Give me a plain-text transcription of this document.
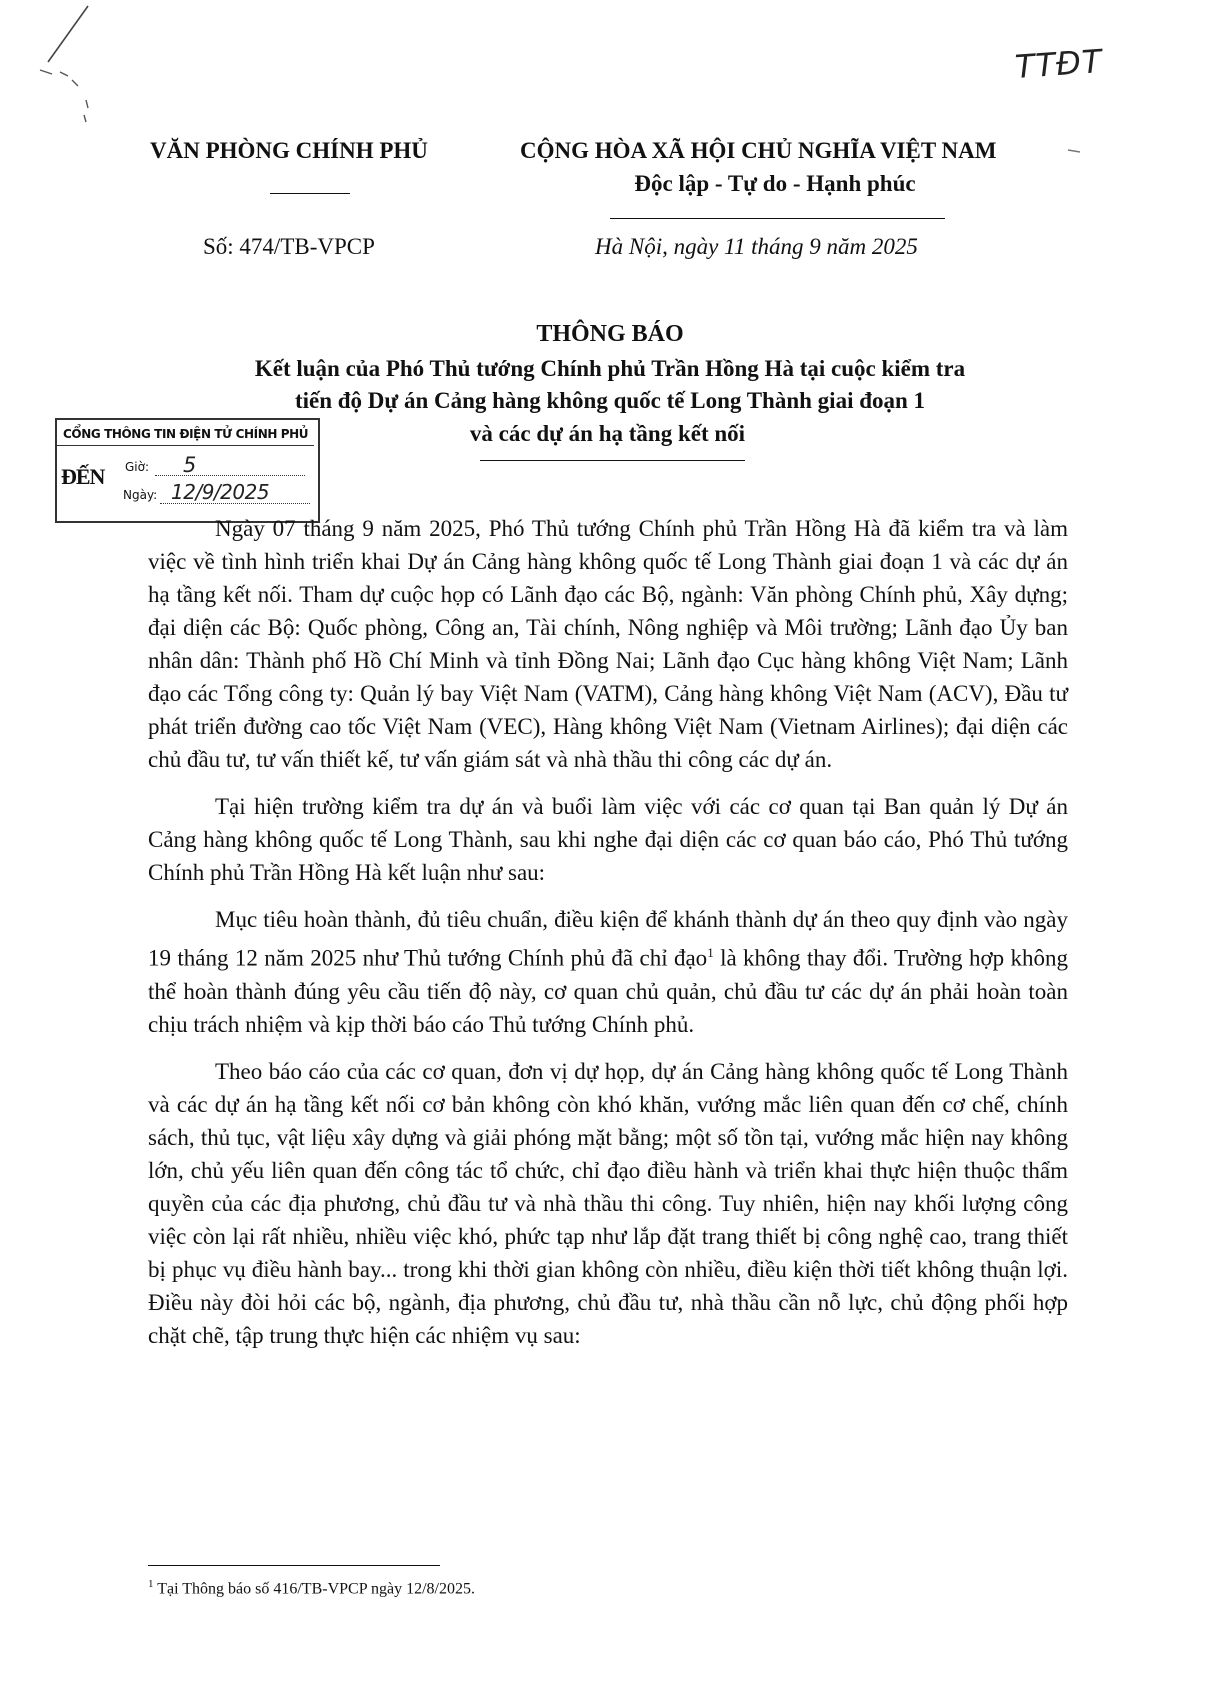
TTĐT
VĂN PHÒNG CHÍNH PHỦ	CỘNG HÒA XÃ HỘI CHỦ NGHĨA VIỆT NAM
Độc lập - Tự do - Hạnh phúc
Số: 474/TB-VPCP	Hà Nội, ngày 11 tháng 9 năm 2025
THÔNG BÁO
Kết luận của Phó Thủ tướng Chính phủ Trần Hồng Hà tại cuộc kiểm tra
tiến độ Dự án Cảng hàng không quốc tế Long Thành giai đoạn 1
và các dự án hạ tầng kết nối
CỔNG THÔNG TIN ĐIỆN TỬ CHÍNH PHỦ
ĐẾN Giờ: 5
Ngày: 12/9/2025

Ngày 07 tháng 9 năm 2025, Phó Thủ tướng Chính phủ Trần Hồng Hà đã kiểm tra và làm việc về tình hình triển khai Dự án Cảng hàng không quốc tế Long Thành giai đoạn 1 và các dự án hạ tầng kết nối. Tham dự cuộc họp có Lãnh đạo các Bộ, ngành: Văn phòng Chính phủ, Xây dựng; đại diện các Bộ: Quốc phòng, Công an, Tài chính, Nông nghiệp và Môi trường; Lãnh đạo Ủy ban nhân dân: Thành phố Hồ Chí Minh và tỉnh Đồng Nai; Lãnh đạo Cục hàng không Việt Nam; Lãnh đạo các Tổng công ty: Quản lý bay Việt Nam (VATM), Cảng hàng không Việt Nam (ACV), Đầu tư phát triển đường cao tốc Việt Nam (VEC), Hàng không Việt Nam (Vietnam Airlines); đại diện các chủ đầu tư, tư vấn thiết kế, tư vấn giám sát và nhà thầu thi công các dự án.

Tại hiện trường kiểm tra dự án và buổi làm việc với các cơ quan tại Ban quản lý Dự án Cảng hàng không quốc tế Long Thành, sau khi nghe đại diện các cơ quan báo cáo, Phó Thủ tướng Chính phủ Trần Hồng Hà kết luận như sau:

Mục tiêu hoàn thành, đủ tiêu chuẩn, điều kiện để khánh thành dự án theo quy định vào ngày 19 tháng 12 năm 2025 như Thủ tướng Chính phủ đã chỉ đạo$^1$ là không thay đổi. Trường hợp không thể hoàn thành đúng yêu cầu tiến độ này, cơ quan chủ quản, chủ đầu tư các dự án phải hoàn toàn chịu trách nhiệm và kịp thời báo cáo Thủ tướng Chính phủ.

Theo báo cáo của các cơ quan, đơn vị dự họp, dự án Cảng hàng không quốc tế Long Thành và các dự án hạ tầng kết nối cơ bản không còn khó khăn, vướng mắc liên quan đến cơ chế, chính sách, thủ tục, vật liệu xây dựng và giải phóng mặt bằng; một số tồn tại, vướng mắc hiện nay không lớn, chủ yếu liên quan đến công tác tổ chức, chỉ đạo điều hành và triển khai thực hiện thuộc thẩm quyền của các địa phương, chủ đầu tư và nhà thầu thi công. Tuy nhiên, hiện nay khối lượng công việc còn lại rất nhiều, nhiều việc khó, phức tạp như lắp đặt trang thiết bị công nghệ cao, trang thiết bị phục vụ điều hành bay... trong khi thời gian không còn nhiều, điều kiện thời tiết không thuận lợi. Điều này đòi hỏi các bộ, ngành, địa phương, chủ đầu tư, nhà thầu cần nỗ lực, chủ động phối hợp chặt chẽ, tập trung thực hiện các nhiệm vụ sau:

$^1$ Tại Thông báo số 416/TB-VPCP ngày 12/8/2025.
